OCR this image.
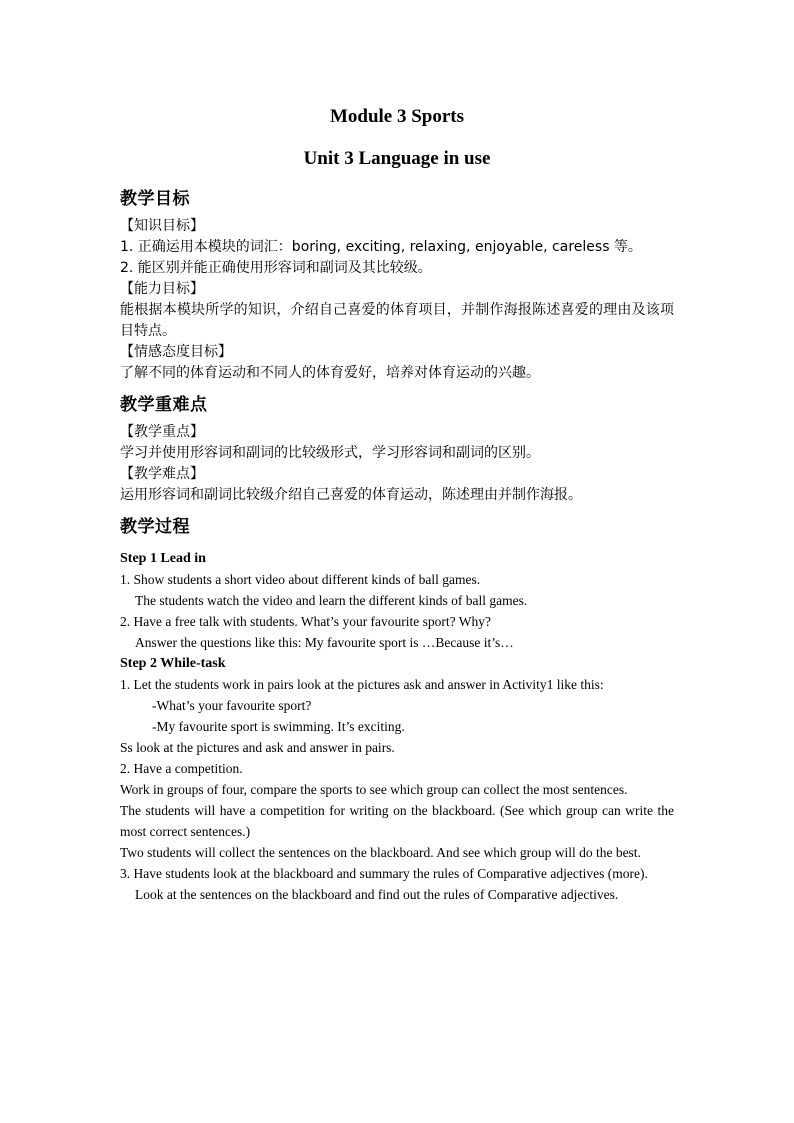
Module 3 Sports

Unit 3 Language in use

教学目标

【知识目标】

1. 正确运用本模块的词汇：boring, exciting, relaxing, enjoyable, careless 等。

2. 能区别并能正确使用形容词和副词及其比较级。

【能力目标】

能根据本模块所学的知识，介绍自己喜爱的体育项目，并制作海报陈述喜爱的理由及该项目特点。

【情感态度目标】

了解不同的体育运动和不同人的体育爱好，培养对体育运动的兴趣。

教学重难点

【教学重点】

学习并使用形容词和副词的比较级形式，学习形容词和副词的区别。

【教学难点】

运用形容词和副词比较级介绍自己喜爱的体育运动，陈述理由并制作海报。

教学过程

Step 1 Lead in

1. Show students a short video about different kinds of ball games.

The students watch the video and learn the different kinds of ball games.

2. Have a free talk with students. What’s your favourite sport? Why?

Answer the questions like this: My favourite sport is …Because it’s…

Step 2 While-task

1. Let the students work in pairs look at the pictures ask and answer in Activity1 like this:

-What’s your favourite sport?

-My favourite sport is swimming. It’s exciting.

Ss look at the pictures and ask and answer in pairs.

2. Have a competition.

Work in groups of four, compare the sports to see which group can collect the most sentences.

The students will have a competition for writing on the blackboard. (See which group can write the most correct sentences.)

Two students will collect the sentences on the blackboard. And see which group will do the best.

3. Have students look at the blackboard and summary the rules of Comparative adjectives (more).

Look at the sentences on the blackboard and find out the rules of Comparative adjectives.
